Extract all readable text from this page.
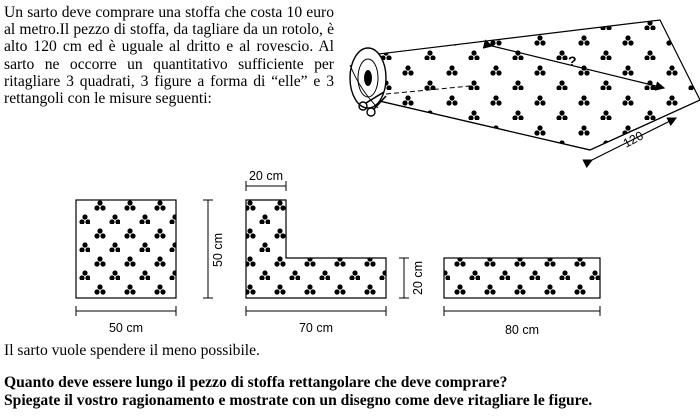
Un sarto deve comprare una stoffa che costa 10 euro al metro.Il pezzo di stoffa, da tagliare da un rotolo, è alto 120 cm ed è uguale al dritto e al rovescio. Al sarto ne occorre un quantitativo sufficiente per ritagliare 3 quadrati, 3 figure a forma di “elle” e 3 rettangoli con le misure seguenti:
?
120
50 cm
50 cm
20 cm
70 cm
20 cm
80 cm
Il sarto vuole spendere il meno possibile.
Quanto deve essere lungo il pezzo di stoffa rettangolare che deve comprare?
Spiegate il vostro ragionamento e mostrate con un disegno come deve ritagliare le figure.
